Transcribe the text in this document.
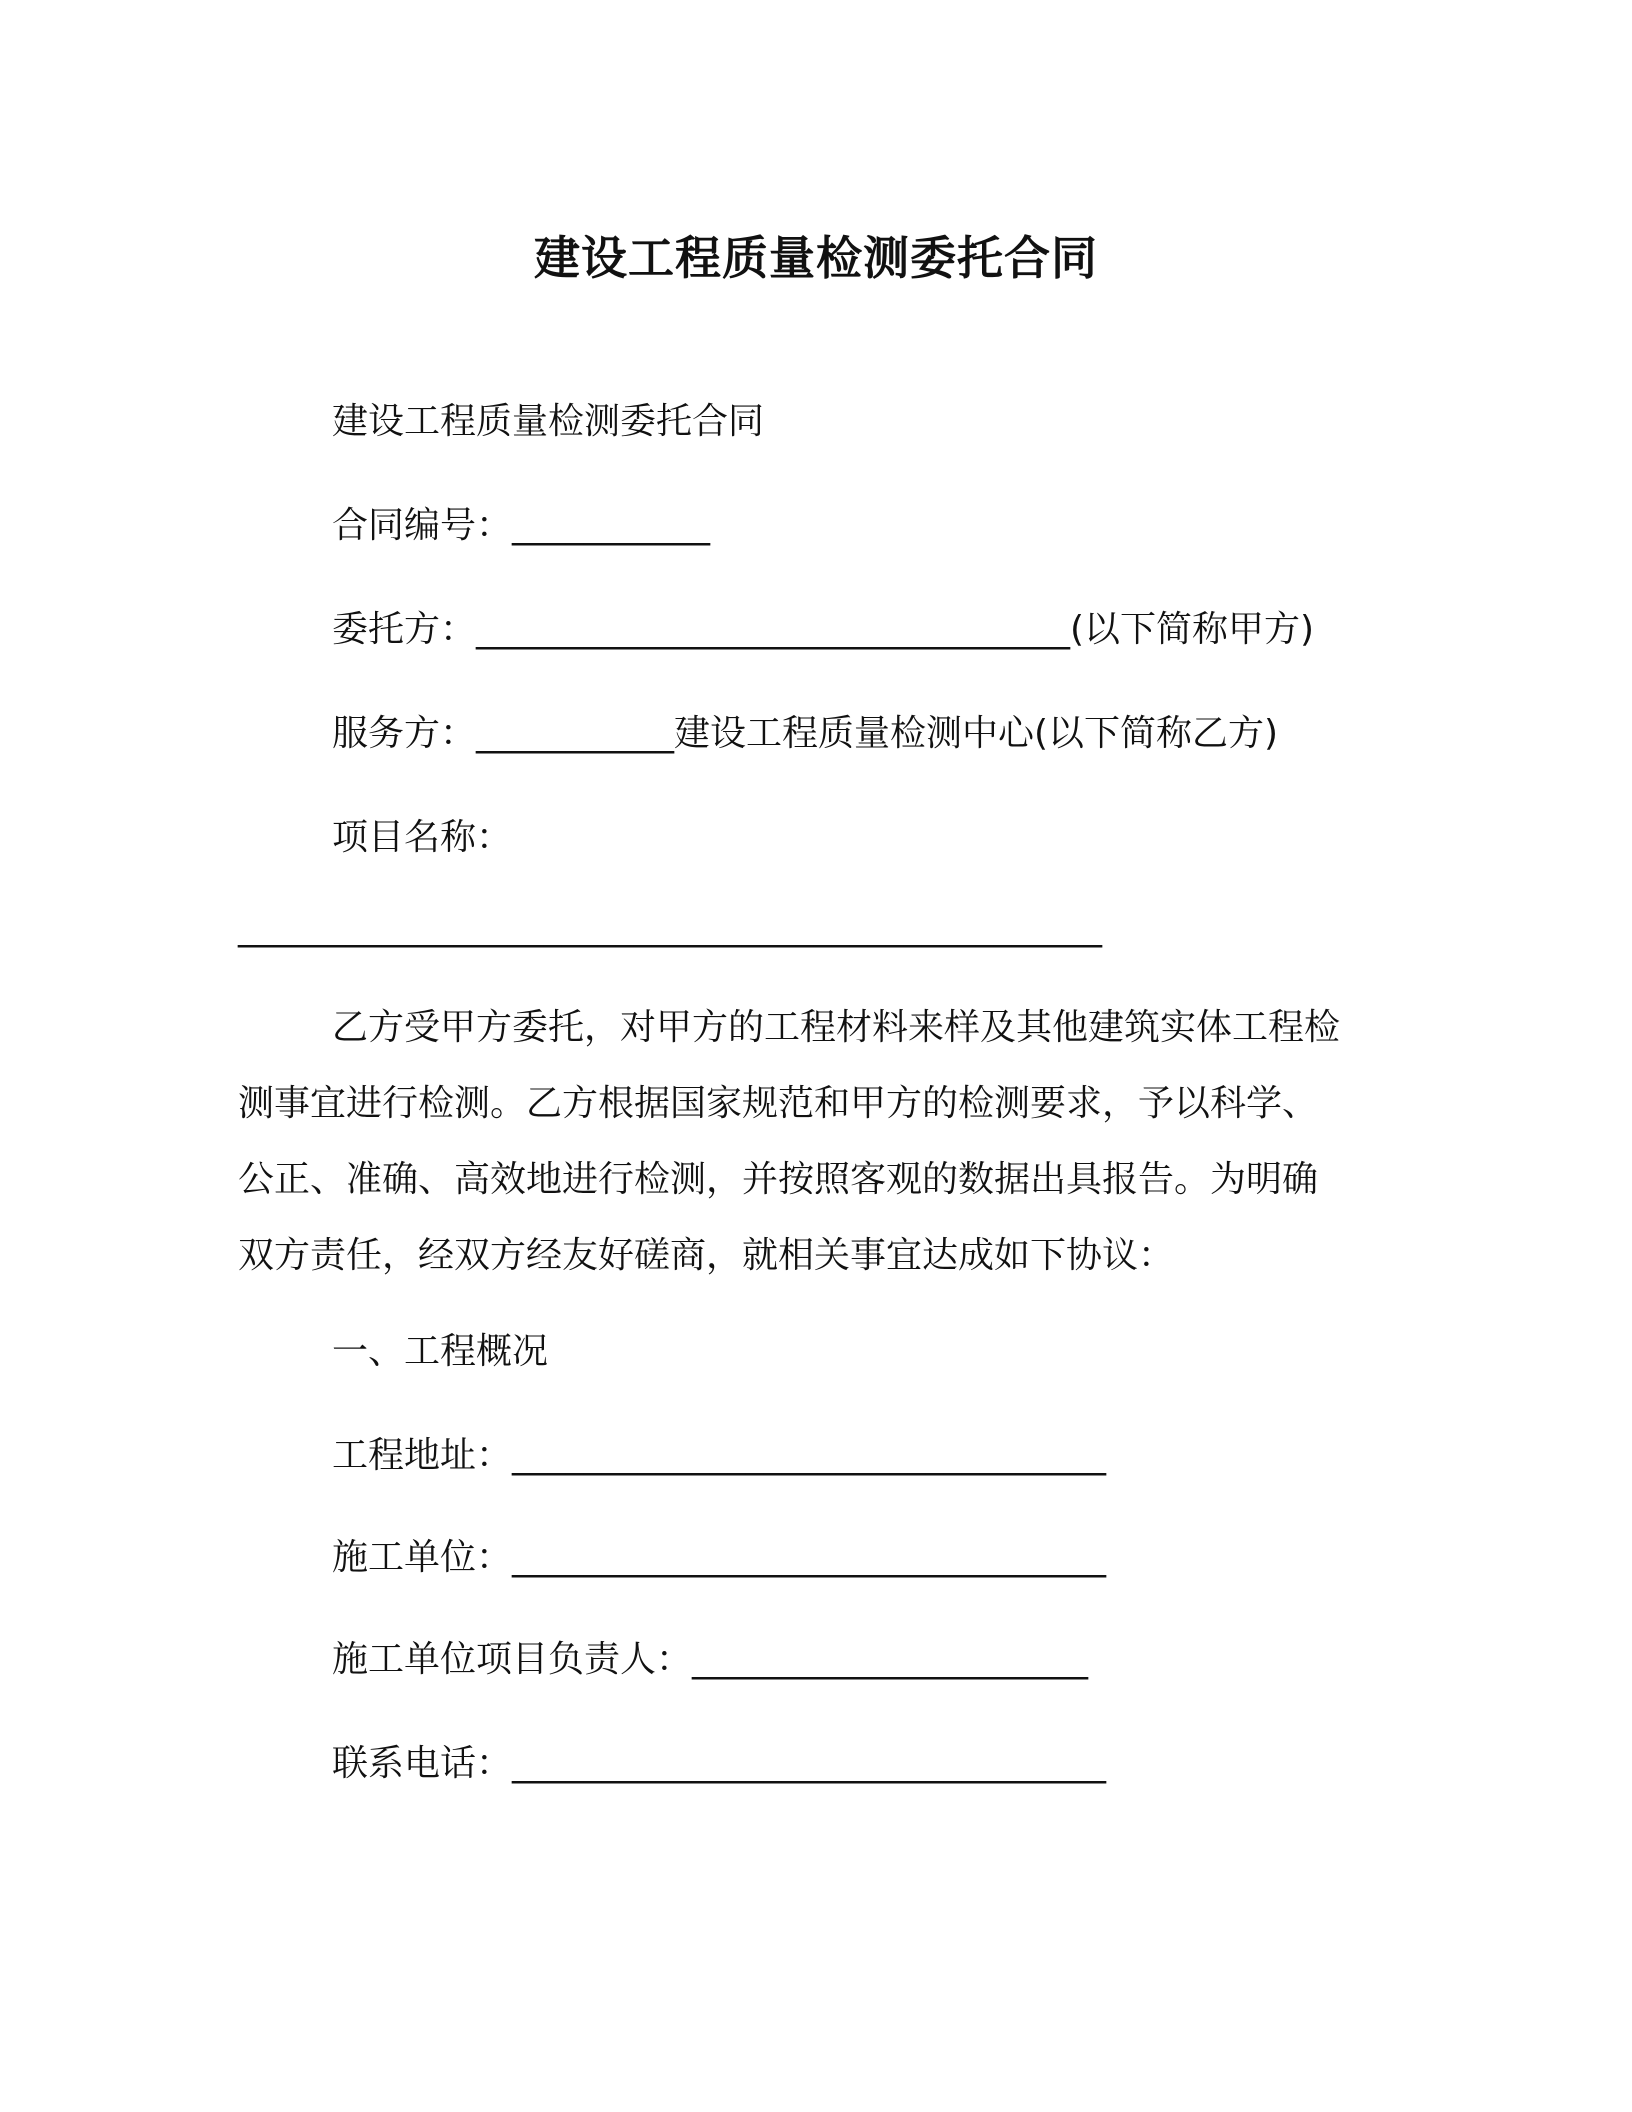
建设工程质量检测委托合同
建设工程质量检测委托合同
合同编号：___________
委托方：_________________________________(以下简称甲方)
服务方：___________建设工程质量检测中心(以下简称乙方)
项目名称：
________________________________________________
乙方受甲方委托，对甲方的工程材料来样及其他建筑实体工程检
测事宜进行检测。乙方根据国家规范和甲方的检测要求，予以科学、
公正、准确、高效地进行检测，并按照客观的数据出具报告。为明确
双方责任，经双方经友好磋商，就相关事宜达成如下协议：
一、工程概况
工程地址：_________________________________
施工单位：_________________________________
施工单位项目负责人：______________________
联系电话：_________________________________
